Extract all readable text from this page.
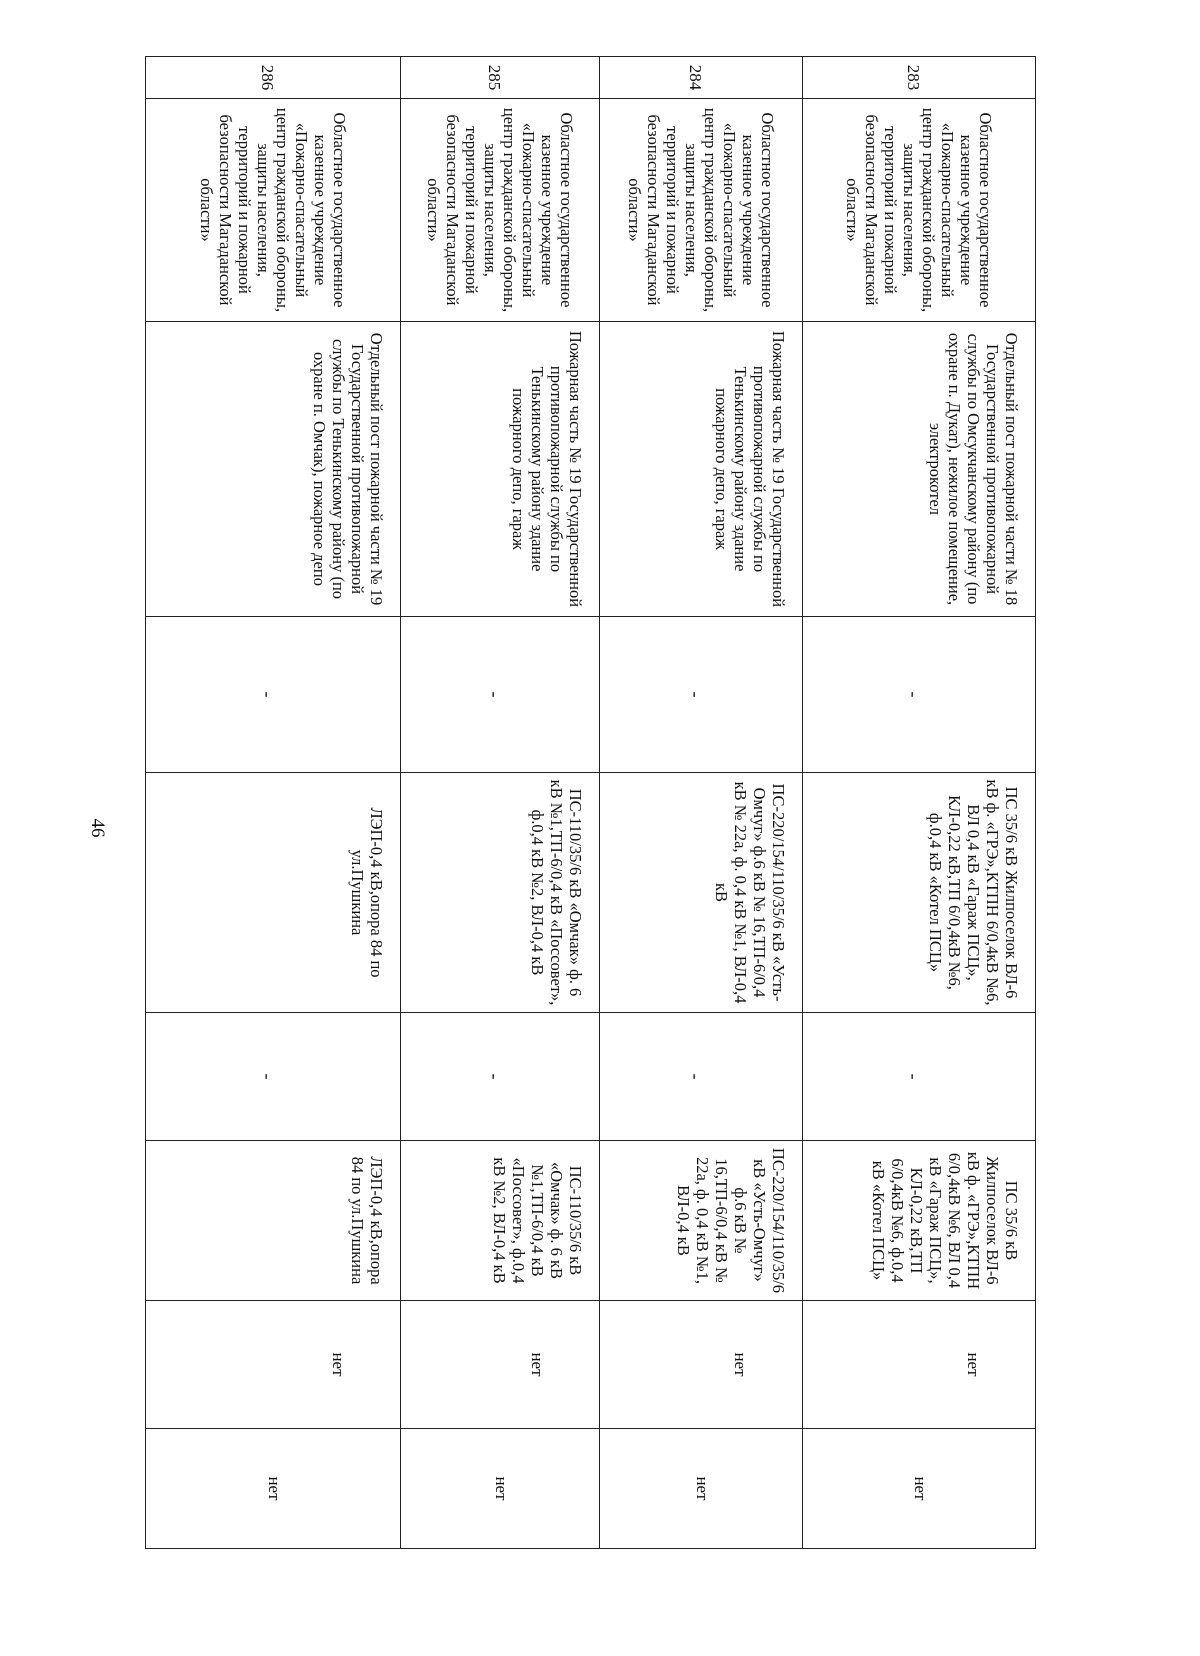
46
283	Областное государственное казенное учреждение «Пожарно-спасательный центр гражданской обороны, защиты населения, территорий и пожарной безопасности Магаданской области»	Отдельный пост пожарной части № 18 Государственной противопожарной службы по Омсукчанскому району (по охране п. Дукат), нежилое помещение, электрокотел	-	ПС 35/6 кВ Жилпоселок ВЛ-6 кВ ф. «ГРЭ»,КТПН 6/0,4кВ №6, ВЛ 0,4 кВ «Гараж ПСЦ», КЛ-0,22 кВ,ТП 6/0,4кВ №6, ф.0,4 кВ «Котел ПСЦ»	-	ПС 35/6 кВ Жилпоселок ВЛ-6 кВ ф. «ГРЭ»,КТПН 6/0,4кВ №6, ВЛ 0,4 кВ «Гараж ПСЦ», КЛ-0,22 кВ,ТП 6/0,4кВ №6, ф.0,4 кВ «Котел ПСЦ»	нет	нет
284	Областное государственное казенное учреждение «Пожарно-спасательный центр гражданской обороны, защиты населения, территорий и пожарной безопасности Магаданской области»	Пожарная часть № 19 Государственной противопожарной службы по Тенькинскому району здание пожарного депо, гараж	-	ПС-220/154/110/35/6 кВ «Усть-Омчуг» ф.6 кВ № 16,ТП-6/0,4 кВ № 22а, ф. 0,4 кВ №1, ВЛ-0,4 кВ	-	ПС-220/154/110/35/6 кВ «Усть-Омчуг» ф.6 кВ № 16,ТП-6/0,4 кВ № 22а, ф. 0,4 кВ №1, ВЛ-0,4 кВ	нет	нет
285	Областное государственное казенное учреждение «Пожарно-спасательный центр гражданской обороны, защиты населения, территорий и пожарной безопасности Магаданской области»	Пожарная часть № 19 Государственной противопожарной службы по Тенькинскому району здание пожарного депо, гараж	-	ПС-110/35/6 кВ «Омчак» ф. 6 кВ №1,ТП-6/0,4 кВ «Поссовет», ф.0,4 кВ №2, ВЛ-0,4 кВ	-	ПС-110/35/6 кВ «Омчак» ф. 6 кВ №1,ТП-6/0,4 кВ «Поссовет», ф.0,4 кВ №2, ВЛ-0,4 кВ	нет	нет
286	Областное государственное казенное учреждение «Пожарно-спасательный центр гражданской обороны, защиты населения, территорий и пожарной безопасности Магаданской области»	Отдельный пост пожарной части № 19 Государственной противопожарной службы по Тенькинскому району (по охране п. Омчак), пожарное депо	-	ЛЭП-0,4 кВ,опора 84 по ул.Пушкина	-	ЛЭП-0,4 кВ,опора 84 по ул.Пушкина	нет	нет
